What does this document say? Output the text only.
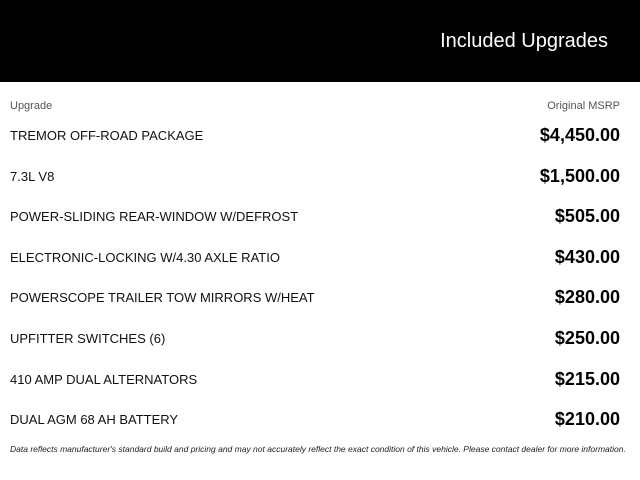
Included Upgrades
Upgrade	Original MSRP
TREMOR OFF-ROAD PACKAGE	$4,450.00
7.3L V8	$1,500.00
POWER-SLIDING REAR-WINDOW W/DEFROST	$505.00
ELECTRONIC-LOCKING W/4.30 AXLE RATIO	$430.00
POWERSCOPE TRAILER TOW MIRRORS W/HEAT	$280.00
UPFITTER SWITCHES (6)	$250.00
410 AMP DUAL ALTERNATORS	$215.00
DUAL AGM 68 AH BATTERY	$210.00
Data reflects manufacturer's standard build and pricing and may not accurately reflect the exact condition of this vehicle. Please contact dealer for more information.
